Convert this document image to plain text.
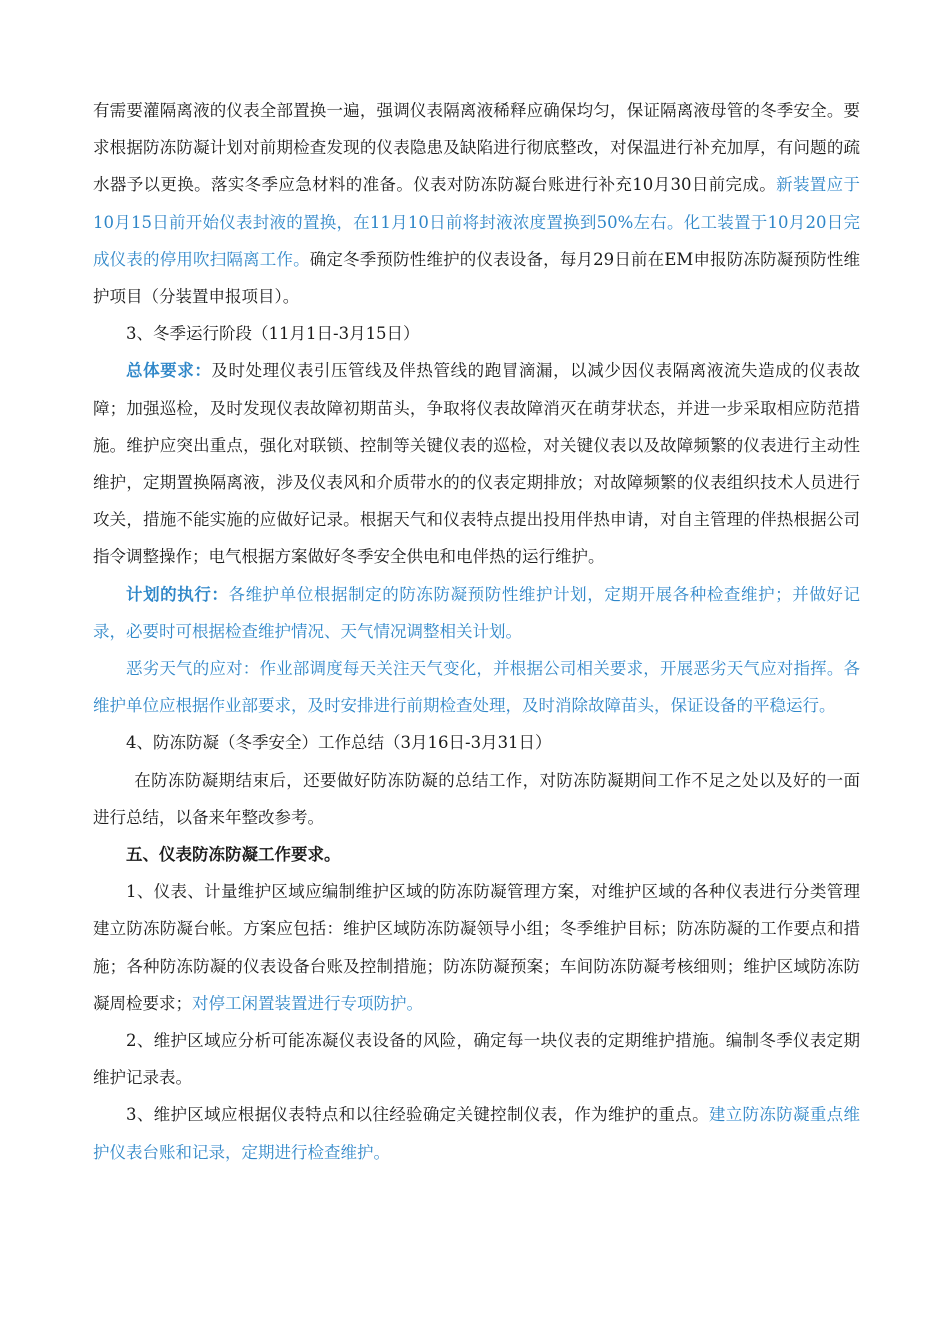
有需要灌隔离液的仪表全部置换一遍，强调仪表隔离液稀释应确保均匀，保证隔离液母管的冬季安全。要求根据防冻防凝计划对前期检查发现的仪表隐患及缺陷进行彻底整改，对保温进行补充加厚，有问题的疏水器予以更换。落实冬季应急材料的准备。仪表对防冻防凝台账进行补充10月30日前完成。新装置应于10月15日前开始仪表封液的置换，在11月10日前将封液浓度置换到50%左右。化工装置于10月20日完成仪表的停用吹扫隔离工作。确定冬季预防性维护的仪表设备，每月29日前在EM申报防冻防凝预防性维护项目（分装置申报项目）。

3、冬季运行阶段（11月1日-3月15日）

总体要求：及时处理仪表引压管线及伴热管线的跑冒滴漏，以减少因仪表隔离液流失造成的仪表故障；加强巡检，及时发现仪表故障初期苗头，争取将仪表故障消灭在萌芽状态，并进一步采取相应防范措施。维护应突出重点，强化对联锁、控制等关键仪表的巡检，对关键仪表以及故障频繁的仪表进行主动性维护，定期置换隔离液，涉及仪表风和介质带水的的仪表定期排放；对故障频繁的仪表组织技术人员进行攻关，措施不能实施的应做好记录。根据天气和仪表特点提出投用伴热申请，对自主管理的伴热根据公司指令调整操作；电气根据方案做好冬季安全供电和电伴热的运行维护。

计划的执行：各维护单位根据制定的防冻防凝预防性维护计划，定期开展各种检查维护；并做好记录，必要时可根据检查维护情况、天气情况调整相关计划。

恶劣天气的应对：作业部调度每天关注天气变化，并根据公司相关要求，开展恶劣天气应对指挥。各维护单位应根据作业部要求，及时安排进行前期检查处理，及时消除故障苗头，保证设备的平稳运行。

4、防冻防凝（冬季安全）工作总结（3月16日-3月31日）

在防冻防凝期结束后，还要做好防冻防凝的总结工作，对防冻防凝期间工作不足之处以及好的一面进行总结，以备来年整改参考。

五、仪表防冻防凝工作要求。

1、仪表、计量维护区域应编制维护区域的防冻防凝管理方案，对维护区域的各种仪表进行分类管理建立防冻防凝台帐。方案应包括：维护区域防冻防凝领导小组；冬季维护目标；防冻防凝的工作要点和措施；各种防冻防凝的仪表设备台账及控制措施；防冻防凝预案；车间防冻防凝考核细则；维护区域防冻防凝周检要求；对停工闲置装置进行专项防护。

2、维护区域应分析可能冻凝仪表设备的风险，确定每一块仪表的定期维护措施。编制冬季仪表定期维护记录表。

3、维护区域应根据仪表特点和以往经验确定关键控制仪表，作为维护的重点。建立防冻防凝重点维护仪表台账和记录，定期进行检查维护。
